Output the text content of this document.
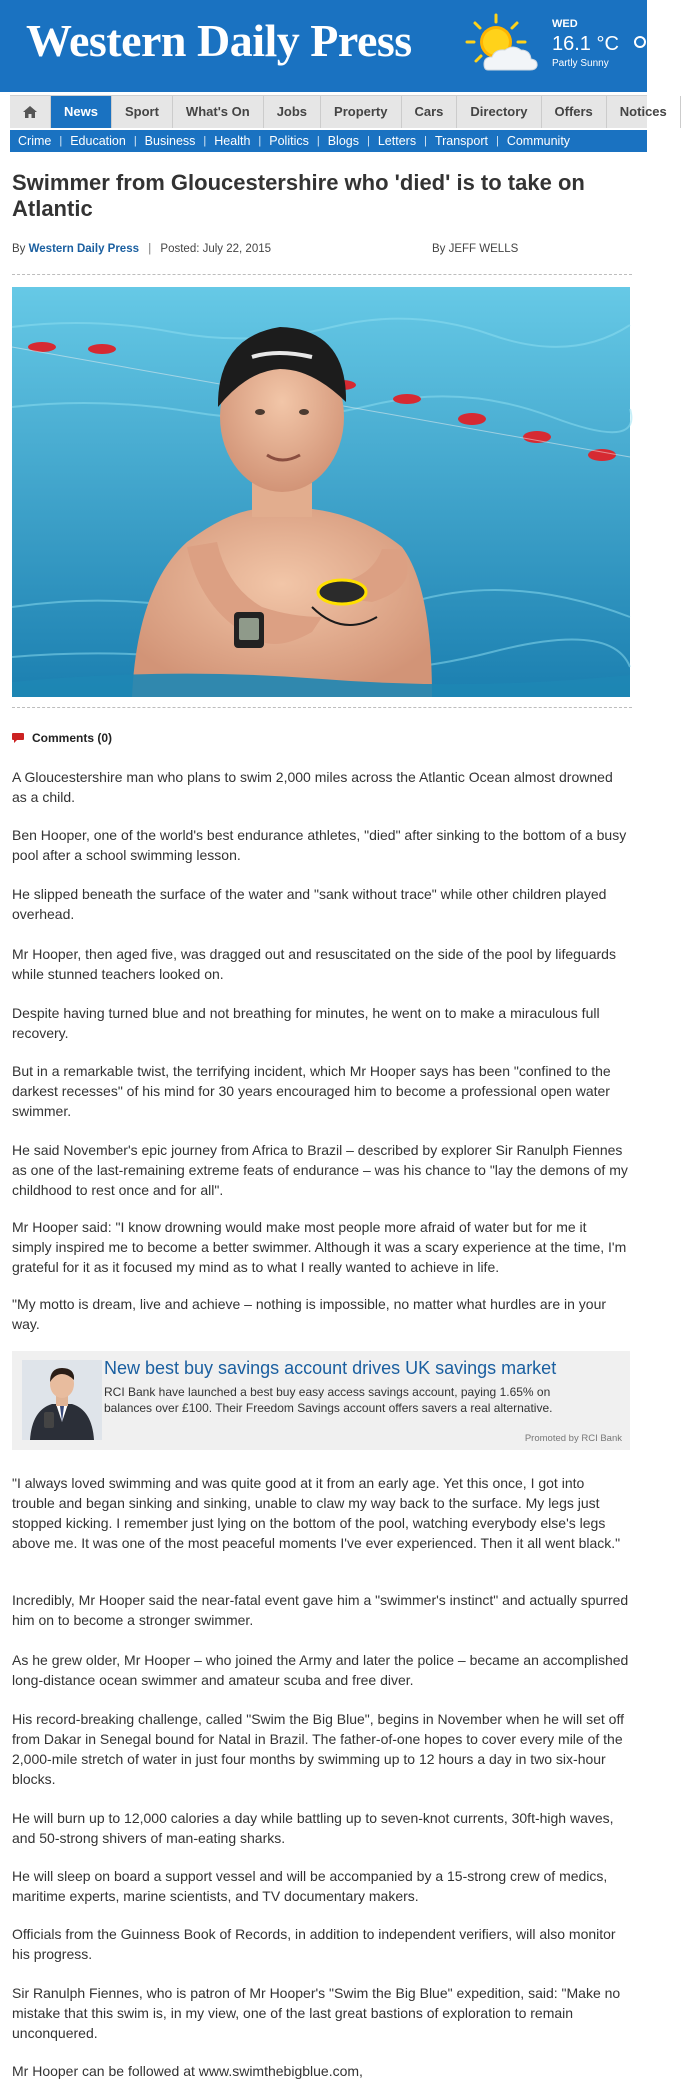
Western Daily Press	WED
16.1 °C
Partly Sunny
News	Sport	What's On	Jobs	Property	Cars	Directory	Offers	Notices
Crime | Education | Business | Health | Politics | Blogs | Letters | Transport | Community
Swimmer from Gloucestershire who 'died' is to take on Atlantic
By Western Daily Press | Posted: July 22, 2015	By JEFF WELLS
Comments (0)

A Gloucestershire man who plans to swim 2,000 miles across the Atlantic Ocean almost drowned as a child.

Ben Hooper, one of the world's best endurance athletes, "died" after sinking to the bottom of a busy pool after a school swimming lesson.

He slipped beneath the surface of the water and "sank without trace" while other children played overhead.

Mr Hooper, then aged five, was dragged out and resuscitated on the side of the pool by lifeguards while stunned teachers looked on.

Despite having turned blue and not breathing for minutes, he went on to make a miraculous full recovery.

But in a remarkable twist, the terrifying incident, which Mr Hooper says has been "confined to the darkest recesses" of his mind for 30 years encouraged him to become a professional open water swimmer.

He said November's epic journey from Africa to Brazil – described by explorer Sir Ranulph Fiennes as one of the last-remaining extreme feats of endurance – was his chance to "lay the demons of my childhood to rest once and for all".

Mr Hooper said: "I know drowning would make most people more afraid of water but for me it simply inspired me to become a better swimmer. Although it was a scary experience at the time, I'm grateful for it as it focused my mind as to what I really wanted to achieve in life.

"My motto is dream, live and achieve – nothing is impossible, no matter what hurdles are in your way.

New best buy savings account drives UK savings market

RCI Bank have launched a best buy easy access savings account, paying 1.65% on balances over £100. Their Freedom Savings account offers savers a real alternative.

Promoted by RCI Bank

"I always loved swimming and was quite good at it from an early age. Yet this once, I got into trouble and began sinking and sinking, unable to claw my way back to the surface. My legs just stopped kicking. I remember just lying on the bottom of the pool, watching everybody else's legs above me. It was one of the most peaceful moments I've ever experienced. Then it all went black."

Incredibly, Mr Hooper said the near-fatal event gave him a "swimmer's instinct" and actually spurred him on to become a stronger swimmer.

As he grew older, Mr Hooper – who joined the Army and later the police – became an accomplished long-distance ocean swimmer and amateur scuba and free diver.

His record-breaking challenge, called "Swim the Big Blue", begins in November when he will set off from Dakar in Senegal bound for Natal in Brazil. The father-of-one hopes to cover every mile of the 2,000-mile stretch of water in just four months by swimming up to 12 hours a day in two six-hour blocks.

He will burn up to 12,000 calories a day while battling up to seven-knot currents, 30ft-high waves, and 50-strong shivers of man-eating sharks.

He will sleep on board a support vessel and will be accompanied by a 15-strong crew of medics, maritime experts, marine scientists, and TV documentary makers.

Officials from the Guinness Book of Records, in addition to independent verifiers, will also monitor his progress.

Sir Ranulph Fiennes, who is patron of Mr Hooper's "Swim the Big Blue" expedition, said: "Make no mistake that this swim is, in my view, one of the last great bastions of exploration to remain unconquered.

Mr Hooper can be followed at www.swimthebigblue.com,
